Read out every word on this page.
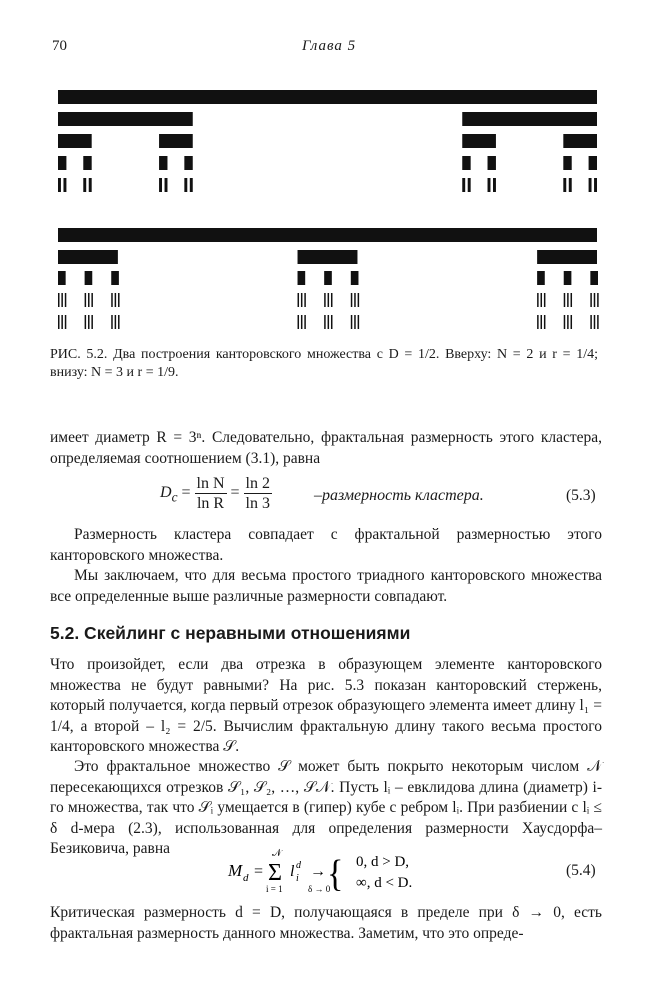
70	Глава 5
РИС. 5.2. Два построения канторовского множества с D = 1/2. Вверху: N = 2 и r = 1/4; внизу: N = 3 и r = 1/9.

имеет диаметр R = 3ⁿ. Следовательно, фрактальная размерность этого кластера, определяемая соотношением (3.1), равна

$D_c = \frac{\text{ln N}}{\text{ln R}} = \frac{\ln 2}{\ln 3}$	–размерность кластера.	(5.3)

Размерность кластера совпадает с фрактальной размерностью этого канторовского множества.

Мы заключаем, что для весьма простого триадного канторовского множества все определенные выше различные размерности совпадают.

5.2. Скейлинг с неравными отношениями

Что произойдет, если два отрезка в образующем элементе канторовского множества не будут равными? На рис. 5.3 показан канторовский стержень, который получается, когда первый отрезок образующего элемента имеет длину l₁ = 1/4, а второй – l₂ = 2/5. Вычислим фрактальную длину такого весьма простого канторовского множества 𝒮.

Это фрактальное множество 𝒮 может быть покрыто некоторым числом 𝒩 пересекающихся отрезков 𝒮₁, 𝒮₂, …, 𝒮𝒩. Пусть lᵢ – евклидова длина (диаметр) i-го множества, так что 𝒮ᵢ умещается в (гипер) кубе с ребром lᵢ. При разбиении с lᵢ ≤ δ d-мера (2.3), использованная для определения размерности Хаусдорфа–Безиковича, равна

M d =
𝒩
Σ
i = 1
l d
i →
δ → 0
{ 0, d > D,
∞, d < D.
(5.4)

Критическая размерность d = D, получающаяся в пределе при δ → 0, есть фрактальная размерность данного множества. Заметим, что это опреде-
